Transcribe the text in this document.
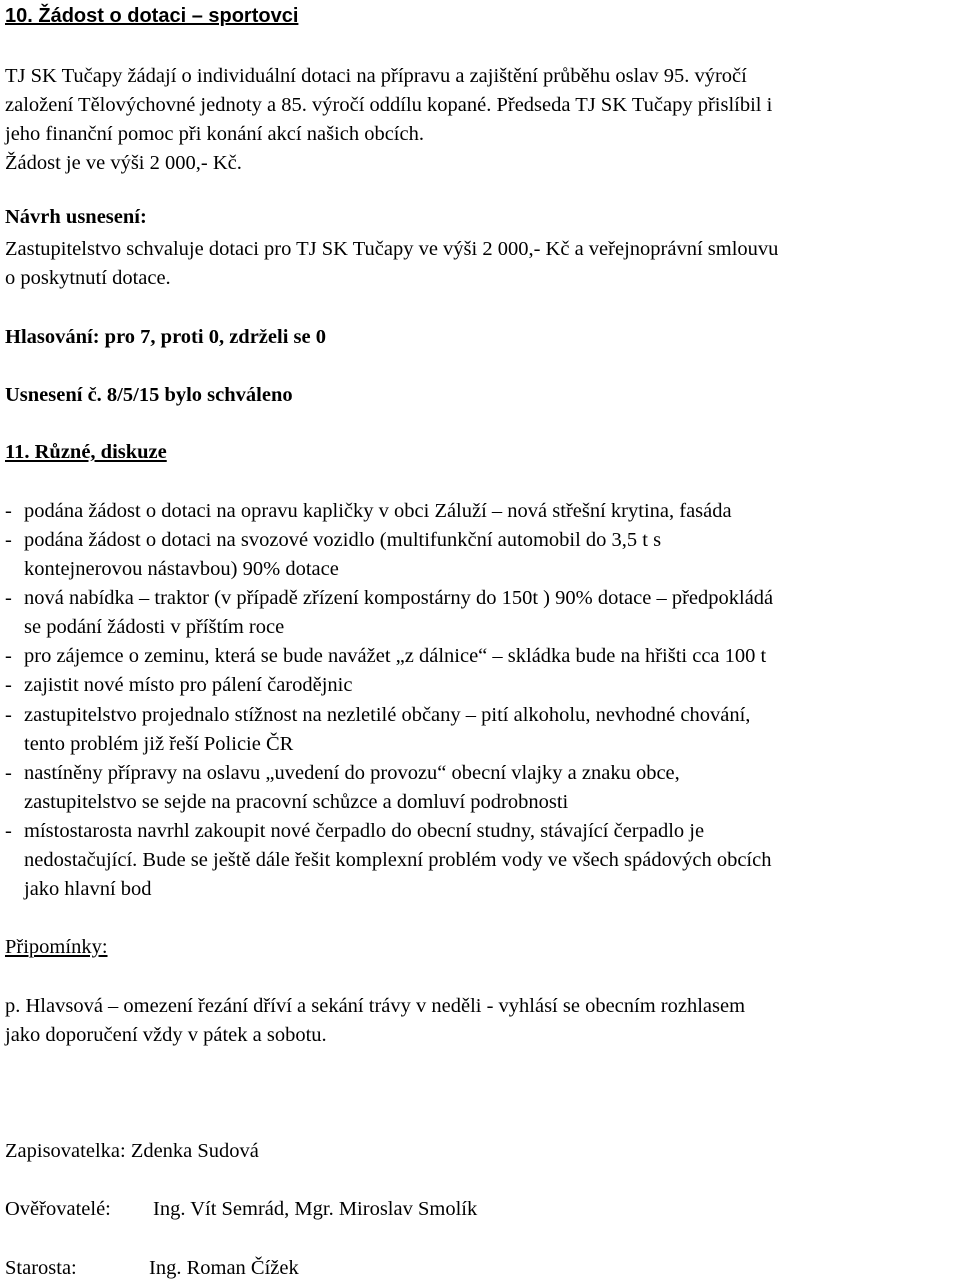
10. Žádost o dotaci – sportovci
TJ SK Tučapy žádají o individuální dotaci na přípravu a zajištění průběhu oslav 95. výročí
založení Tělovýchovné jednoty a 85. výročí oddílu kopané. Předseda TJ SK Tučapy přislíbil i
jeho finanční pomoc při konání akcí našich obcích.
Žádost je ve výši 2 000,- Kč.
Návrh usnesení:
Zastupitelstvo schvaluje dotaci pro TJ SK Tučapy ve výši 2 000,- Kč a veřejnoprávní smlouvu
o poskytnutí dotace.
Hlasování: pro 7, proti 0, zdrželi se 0
Usnesení č. 8/5/15 bylo schváleno
11. Různé, diskuze
- podána žádost o dotaci na opravu kapličky v obci Záluží – nová střešní krytina, fasáda
- podána žádost o dotaci na svozové vozidlo (multifunkční automobil do 3,5 t s
kontejnerovou nástavbou) 90% dotace
- nová nabídka – traktor (v případě zřízení kompostárny do 150t ) 90% dotace – předpokládá
se podání žádosti v příštím roce
- pro zájemce o zeminu, která se bude navážet „z dálnice“ – skládka bude na hřišti cca 100 t
- zajistit nové místo pro pálení čarodějnic
- zastupitelstvo projednalo stížnost na nezletilé občany – pití alkoholu, nevhodné chování,
tento problém již řeší Policie ČR
- nastíněny přípravy na oslavu „uvedení do provozu“ obecní vlajky a znaku obce,
zastupitelstvo se sejde na pracovní schůzce a domluví podrobnosti
- místostarosta navrhl zakoupit nové čerpadlo do obecní studny, stávající čerpadlo je
nedostačující. Bude se ještě dále řešit komplexní problém vody ve všech spádových obcích
jako hlavní bod
Připomínky:
p. Hlavsová – omezení řezání dříví a sekání trávy v neděli - vyhlásí se obecním rozhlasem
jako doporučení vždy v pátek a sobotu.
Zapisovatelka: Zdenka Sudová
Ověřovatelé: Ing. Vít Semrád, Mgr. Miroslav Smolík
Starosta:	Ing. Roman Čížek
